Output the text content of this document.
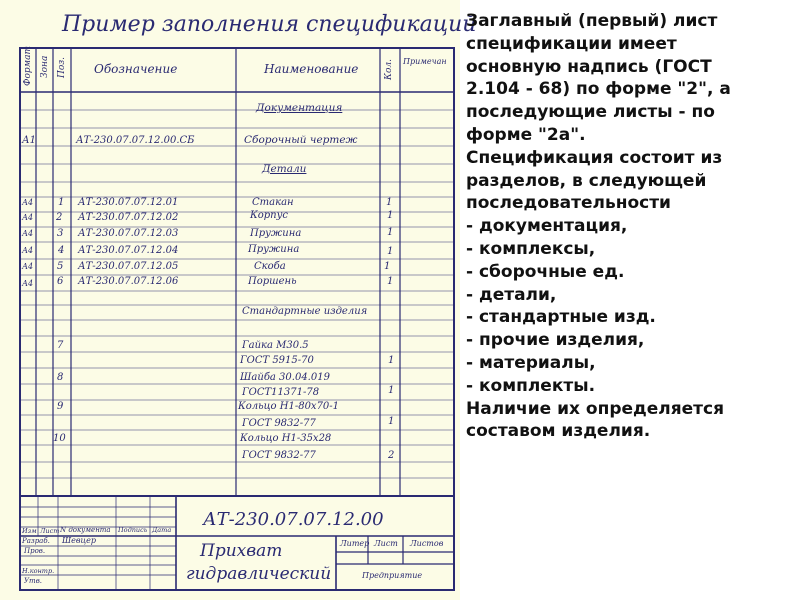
Пример заполнения спецификаций
Формат Зона Поз. Обозначение	Наименование	Кол. Примечан
Документация
А1	АТ-230.07.07.12.00.СБ	Сборочный чертеж
Детали
А4 1 АТ-230.07.07.12.01	Стакан	1
А4 2 АТ-230.07.07.12.02	Корпус	1
А4 3 АТ-230.07.07.12.03	Пружина	1
А4 4 АТ-230.07.07.12.04	Пружина	1
А4 5 АТ-230.07.07.12.05	Скоба	1
А4 6 АТ-230.07.07.12.06	Поршень	1
Стандартные изделия
7	Гайка М30.5
ГОСТ 5915-70	1
8	Шайба 30.04.019
ГОСТ11371-78	1
9	Кольцо Н1-80х70-1
ГОСТ 9832-77	1
10	Кольцо Н1-35х28
ГОСТ 9832-77	2
АТ-230.07.07.12.00
Прихват
гидравлический
Изм Лист N документа Подпись Дата
Разраб. Шевцер
Пров.
Н.контр.
Утв.
Литер Лист Листов
Предприятие
Заглавный (первый) лист
спецификации имеет
основную надпись (ГОСТ
2.104 - 68) по форме "2", а
последующие листы - по
форме "2а".
Спецификация состоит из
разделов, в следующей
последовательности
- документация,
- комплексы,
- сборочные ед.
- детали,
- стандартные изд.
- прочие изделия,
- материалы,
- комплекты.
Наличие их определяется
составом изделия.
